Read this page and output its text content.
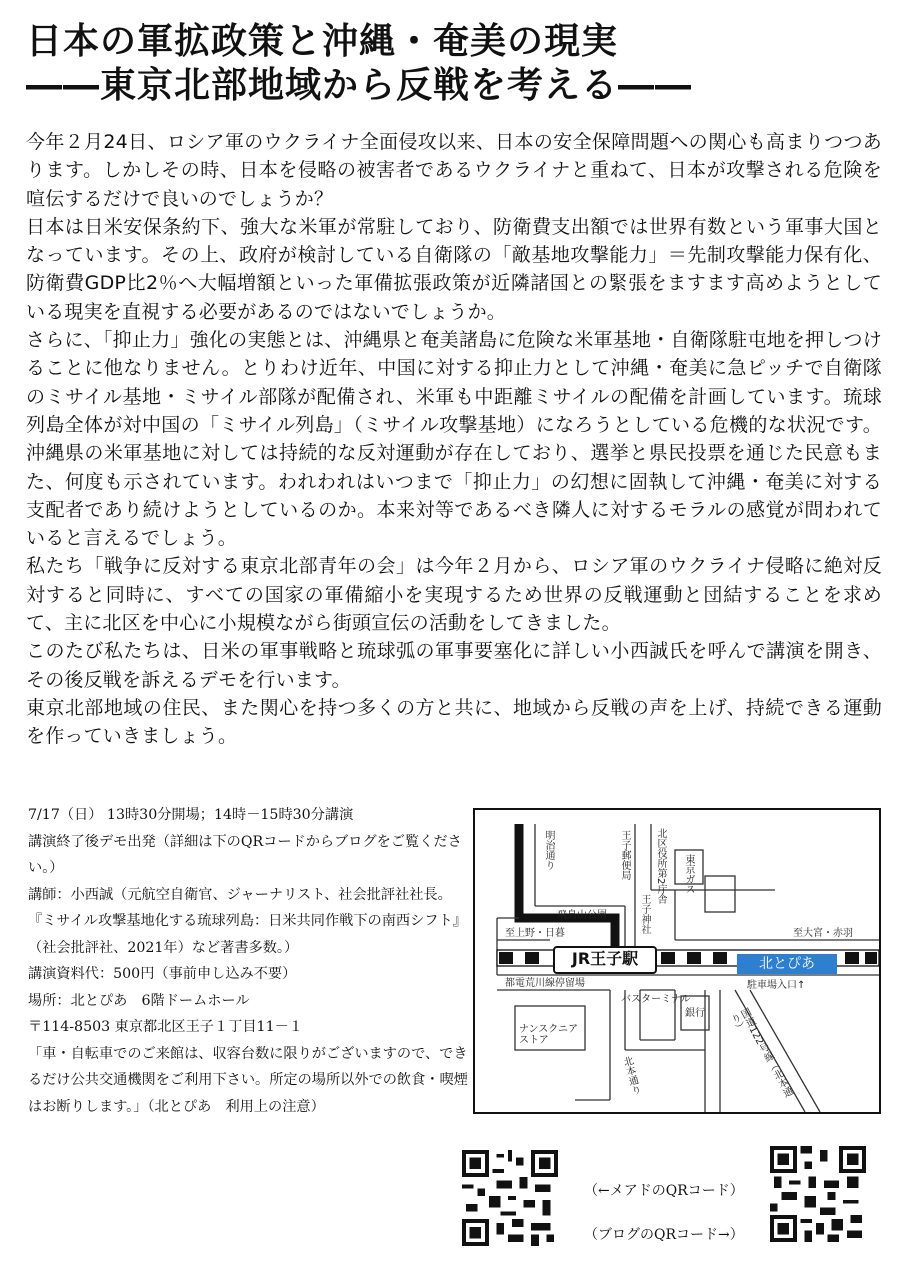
日本の軍拡政策と沖縄・奄美の現実
――東京北部地域から反戦を考える――

今年２月24日、ロシア軍のウクライナ全面侵攻以来、日本の安全保障問題への関心も高まりつつあります。しかしその時、日本を侵略の被害者であるウクライナと重ねて、日本が攻撃される危険を喧伝するだけで良いのでしょうか？

日本は日米安保条約下、強大な米軍が常駐しており、防衛費支出額では世界有数という軍事大国となっています。その上、政府が検討している自衛隊の「敵基地攻撃能力」＝先制攻撃能力保有化、防衛費GDP比2％へ大幅増額といった軍備拡張政策が近隣諸国との緊張をますます高めようとしている現実を直視する必要があるのではないでしょうか。

さらに、「抑止力」強化の実態とは、沖縄県と奄美諸島に危険な米軍基地・自衛隊駐屯地を押しつけることに他なりません。とりわけ近年、中国に対する抑止力として沖縄・奄美に急ピッチで自衛隊のミサイル基地・ミサイル部隊が配備され、米軍も中距離ミサイルの配備を計画しています。琉球列島全体が対中国の「ミサイル列島」（ミサイル攻撃基地）になろうとしている危機的な状況です。沖縄県の米軍基地に対しては持続的な反対運動が存在しており、選挙と県民投票を通じた民意もまた、何度も示されています。われわれはいつまで「抑止力」の幻想に固執して沖縄・奄美に対する支配者であり続けようとしているのか。本来対等であるべき隣人に対するモラルの感覚が問われていると言えるでしょう。

私たち「戦争に反対する東京北部青年の会」は今年２月から、ロシア軍のウクライナ侵略に絶対反対すると同時に、すべての国家の軍備縮小を実現するため世界の反戦運動と団結することを求めて、主に北区を中心に小規模ながら街頭宣伝の活動をしてきました。

このたび私たちは、日米の軍事戦略と琉球弧の軍事要塞化に詳しい小西誠氏を呼んで講演を開き、その後反戦を訴えるデモを行います。

東京北部地域の住民、また関心を持つ多くの方と共に、地域から反戦の声を上げ、持続できる運動を作っていきましょう。

7/17（日） 13時30分開場；14時－15時30分講演

講演終了後デモ出発（詳細は下のQRコードからブログをご覧ください。）

講師：小西誠（元航空自衛官、ジャーナリスト、社会批評社社長。『ミサイル攻撃基地化する琉球列島：日米共同作戦下の南西シフト』（社会批評社、2021年）など著書多数。）

講演資料代：500円（事前申し込み不要）

場所：北とぴあ　6階ドームホール

〒114-8503 東京都北区王子１丁目11－１

「車・自転車でのご来館は、収容台数に限りがございますので、できるだけ公共交通機関をご利用下さい。所定の場所以外での飲食・喫煙はお断りします。」（北とぴあ　利用上の注意）

JR王子駅	北とぴあ
明治通り	王子郵便局	北区役所第2庁舎 東京ガス
王子神社
飛鳥山公園
至上野・日暮	至大宮・赤羽
都電荒川線停留場
ナンスクニアストア
バスターミナル
銀行
駐車場入口↑
北本通り	国道122号線（北本通り）
（←メアドのQRコード）
（ブログのQRコード→）
